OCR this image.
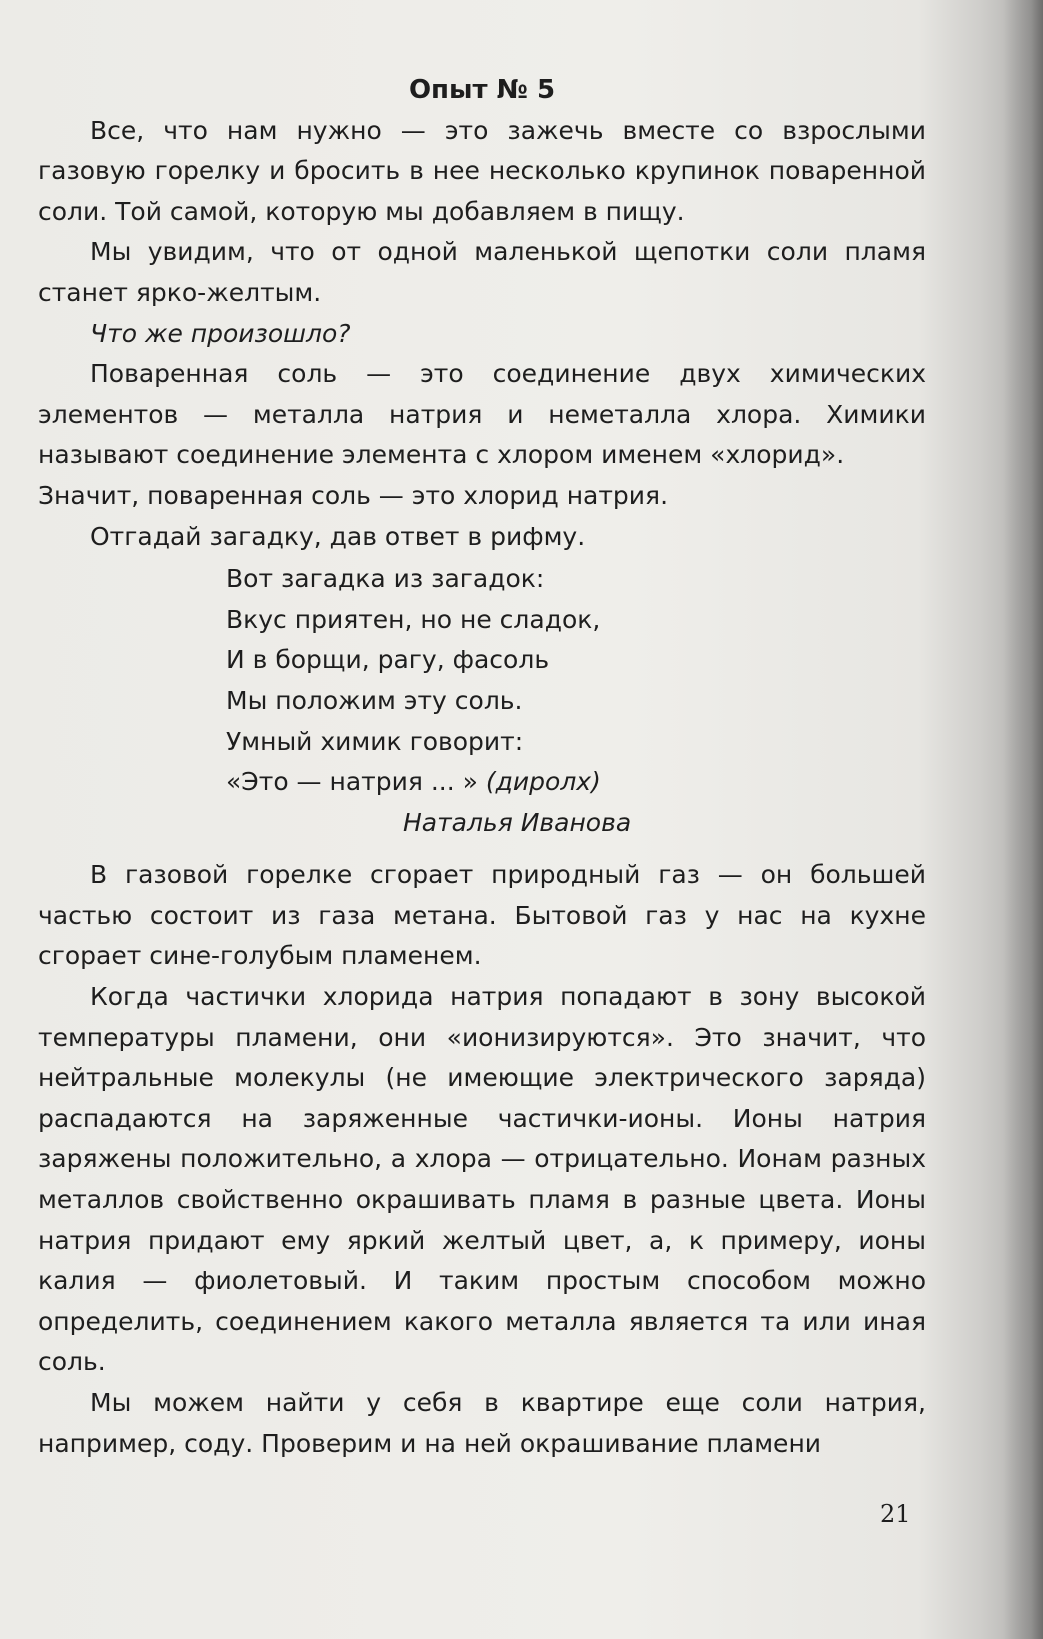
Опыт № 5

Все, что нам нужно — это зажечь вместе со взрослыми газовую горелку и бросить в нее несколько крупинок поваренной соли. Той самой, которую мы добавляем в пищу.

Мы увидим, что от одной маленькой щепотки соли пламя станет ярко-желтым.

Что же произошло?

Поваренная соль — это соединение двух химических элементов — металла натрия и неметалла хлора. Химики называют соединение элемента с хлором именем «хлорид».

Значит, поваренная соль — это хлорид натрия.

Отгадай загадку, дав ответ в рифму.

Вот загадка из загадок:
Вкус приятен, но не сладок,
И в борщи, рагу, фасоль
Мы положим эту соль.
Умный химик говорит:
«Это — натрия ... » (диролх)
Наталья Иванова

В газовой горелке сгорает природный газ — он большей частью состоит из газа метана. Бытовой газ у нас на кухне сгорает сине-голубым пламенем.

Когда частички хлорида натрия попадают в зону высокой температуры пламени, они «ионизируются». Это значит, что нейтральные молекулы (не имеющие электрического заряда) распадаются на заряженные частички-ионы. Ионы натрия заряжены положительно, а хлора — отрицательно. Ионам разных металлов свойственно окрашивать пламя в разные цвета. Ионы натрия придают ему яркий желтый цвет, а, к примеру, ионы калия — фиолетовый. И таким простым способом можно определить, соединением какого металла является та или иная соль.

Мы можем найти у себя в квартире еще соли натрия, например, соду. Проверим и на ней окрашивание пламени

21
